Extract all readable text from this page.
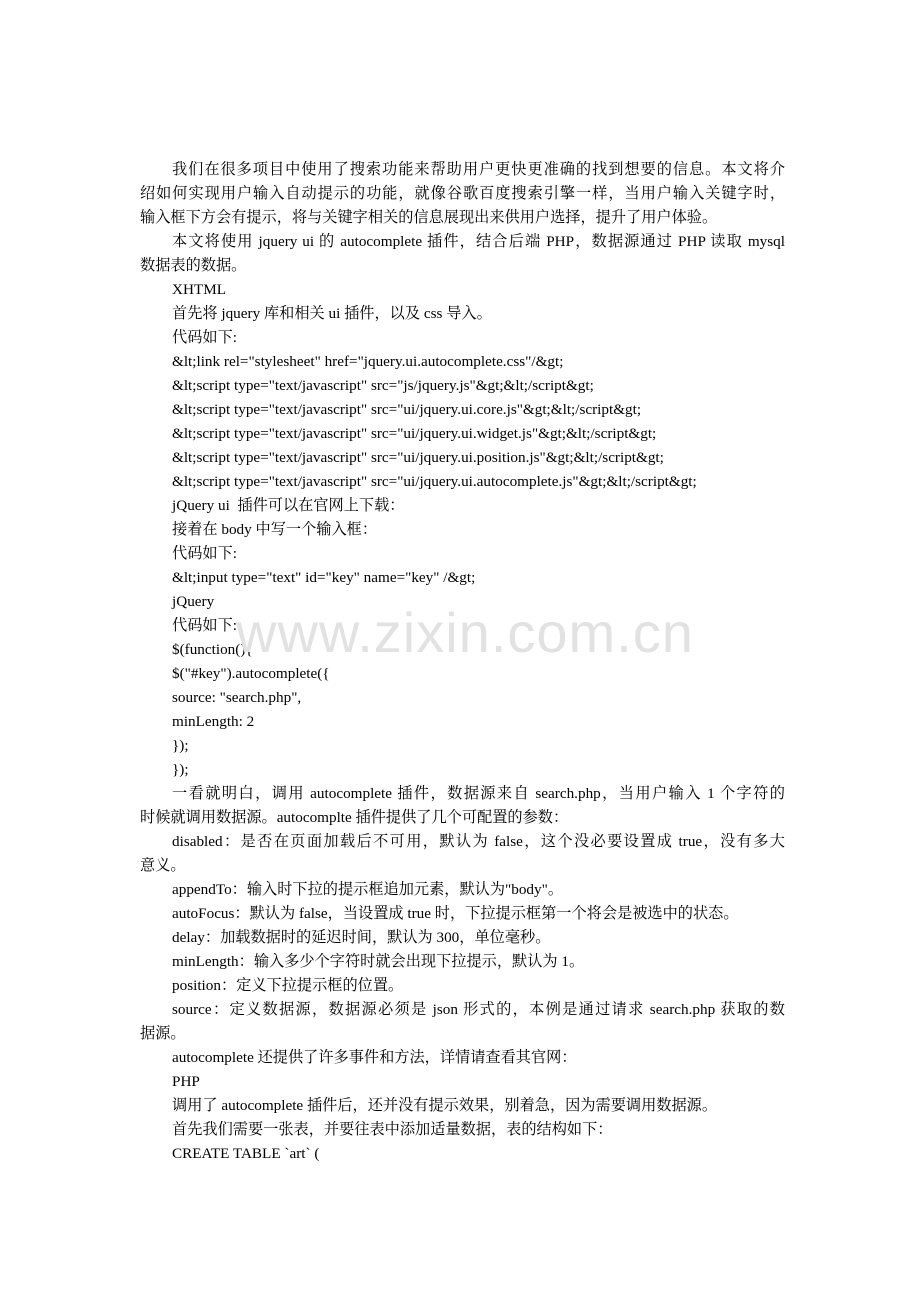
我们在很多项目中使用了搜索功能来帮助用户更快更准确的找到想要的信息。本文将介
绍如何实现用户输入自动提示的功能，就像谷歌百度搜索引擎一样，当用户输入关键字时，
输入框下方会有提示，将与关键字相关的信息展现出来供用户选择，提升了用户体验。
本文将使用 jquery ui 的 autocomplete 插件，结合后端 PHP，数据源通过 PHP 读取 mysql
数据表的数据。
XHTML
首先将 jquery 库和相关 ui 插件，以及 css 导入。
代码如下:
&lt;link rel="stylesheet" href="jquery.ui.autocomplete.css"/&gt;
&lt;script type="text/javascript" src="js/jquery.js"&gt;&lt;/script&gt;
&lt;script type="text/javascript" src="ui/jquery.ui.core.js"&gt;&lt;/script&gt;
&lt;script type="text/javascript" src="ui/jquery.ui.widget.js"&gt;&lt;/script&gt;
&lt;script type="text/javascript" src="ui/jquery.ui.position.js"&gt;&lt;/script&gt;
&lt;script type="text/javascript" src="ui/jquery.ui.autocomplete.js"&gt;&lt;/script&gt;
jQuery ui  插件可以在官网上下载：
接着在 body 中写一个输入框：
代码如下:
&lt;input type="text" id="key" name="key" /&gt;
jQuery
代码如下:
$(function(){
$("#key").autocomplete({
source: "search.php",
minLength: 2
});
});
一看就明白，调用 autocomplete 插件，数据源来自 search.php，当用户输入 1 个字符的
时候就调用数据源。autocomplte 插件提供了几个可配置的参数：
disabled：是否在页面加载后不可用，默认为 false，这个没必要设置成 true，没有多大
意义。
appendTo：输入时下拉的提示框追加元素，默认为"body"。
autoFocus：默认为 false，当设置成 true 时，下拉提示框第一个将会是被选中的状态。
delay：加载数据时的延迟时间，默认为 300，单位毫秒。
minLength：输入多少个字符时就会出现下拉提示，默认为 1。
position：定义下拉提示框的位置。
source：定义数据源，数据源必须是 json 形式的，本例是通过请求 search.php 获取的数
据源。
autocomplete 还提供了许多事件和方法，详情请查看其官网：
PHP
调用了 autocomplete 插件后，还并没有提示效果，别着急，因为需要调用数据源。
首先我们需要一张表，并要往表中添加适量数据，表的结构如下：
CREATE TABLE `art` (
www.zixin.com.cn
